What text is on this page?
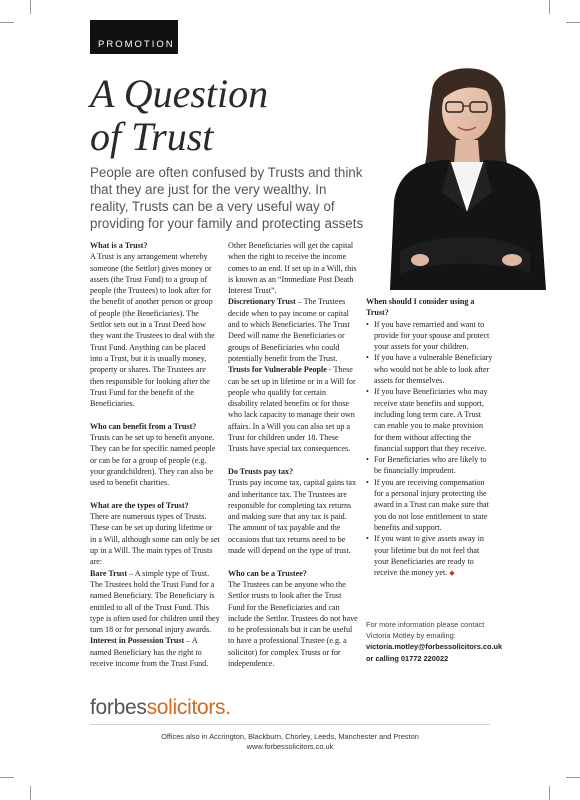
PROMOTION
A Question
of Trust

People are often confused by Trusts and think that they are just for the very wealthy. In reality, Trusts can be a very useful way of providing for your family and protecting assets

What is a Trust?

A Trust is any arrangement whereby someone (the Settlor) gives money or assets (the Trust Fund) to a group of people (the Trustees) to look after for the benefit of another person or group of people (the Beneficiaries). The Settlor sets out in a Trust Deed how they want the Trustees to deal with the Trust Fund. Anything can be placed into a Trust, but it is usually money, property or shares. The Trustees are then responsible for looking after the Trust Fund for the benefit of the Beneficiaries.

Who can benefit from a Trust?

Trusts can be set up to benefit anyone. They can be for specific named people or can be for a group of people (e.g. your grandchildren). They can also be used to benefit charities.

What are the types of Trust?

There are numerous types of Trusts. These can be set up during lifetime or in a Will, although some can only be set up in a Will. The main types of Trusts are:

Bare Trust – A simple type of Trust. The Trustees hold the Trust Fund for a named Beneficiary. The Beneficiary is entitled to all of the Trust Fund. This type is often used for children until they turn 18 or for personal injury awards.

Interest in Possession Trust – A named Beneficiary has the right to receive income from the Trust Fund.

Other Beneficiaries will get the capital when the right to receive the income comes to an end. If set up in a Will, this is known as an “Immediate Post Death Interest Trust”.

Discretionary Trust – The Trustees decide when to pay income or capital and to which Beneficiaries. The Trust Deed will name the Beneficiaries or groups of Beneficiaries who could potentially benefit from the Trust.

Trusts for Vulnerable People - These can be set up in lifetime or in a Will for people who qualify for certain disability related benefits or for those who lack capacity to manage their own affairs. In a Will you can also set up a Trust for children under 18. These Trusts have special tax consequences.

Do Trusts pay tax?

Trusts pay income tax, capital gains tax and inheritance tax. The Trustees are responsible for completing tax returns and making sure that any tax is paid. The amount of tax payable and the occasions that tax returns need to be made will depend on the type of trust.

Who can be a Trustee?

The Trustees can be anyone who the Settlor trusts to look after the Trust Fund for the Beneficiaries and can include the Settlor. Trustees do not have to be professionals but it can be useful to have a professional Trustee (e.g. a solicitor) for complex Trusts or for independence.

When should I consider using a Trust?

• If you have remarried and want to provide for your spouse and protect your assets for your children.
• If you have a vulnerable Beneficiary who would not be able to look after assets for themselves.
• If you have Beneficiaries who may receive state benefits and support, including long term care. A Trust can enable you to make provision for them without affecting the financial support that they receive.
• For Beneficiaries who are likely to be financially imprudent.
• If you are receiving compensation for a personal injury protecting the award in a Trust can make sure that you do not lose entitlement to state benefits and support.
• If you want to give assets away in your lifetime but do not feel that your Beneficiaries are ready to receive the money yet. ◆

For more information please contact

Victoria Motley by emailing:

victoria.motley@forbessolicitors.co.uk

or calling 01772 220022

forbessolicitors.

Offices also in Accrington, Blackburn, Chorley, Leeds, Manchester and Preston

www.forbessolicitors.co.uk
